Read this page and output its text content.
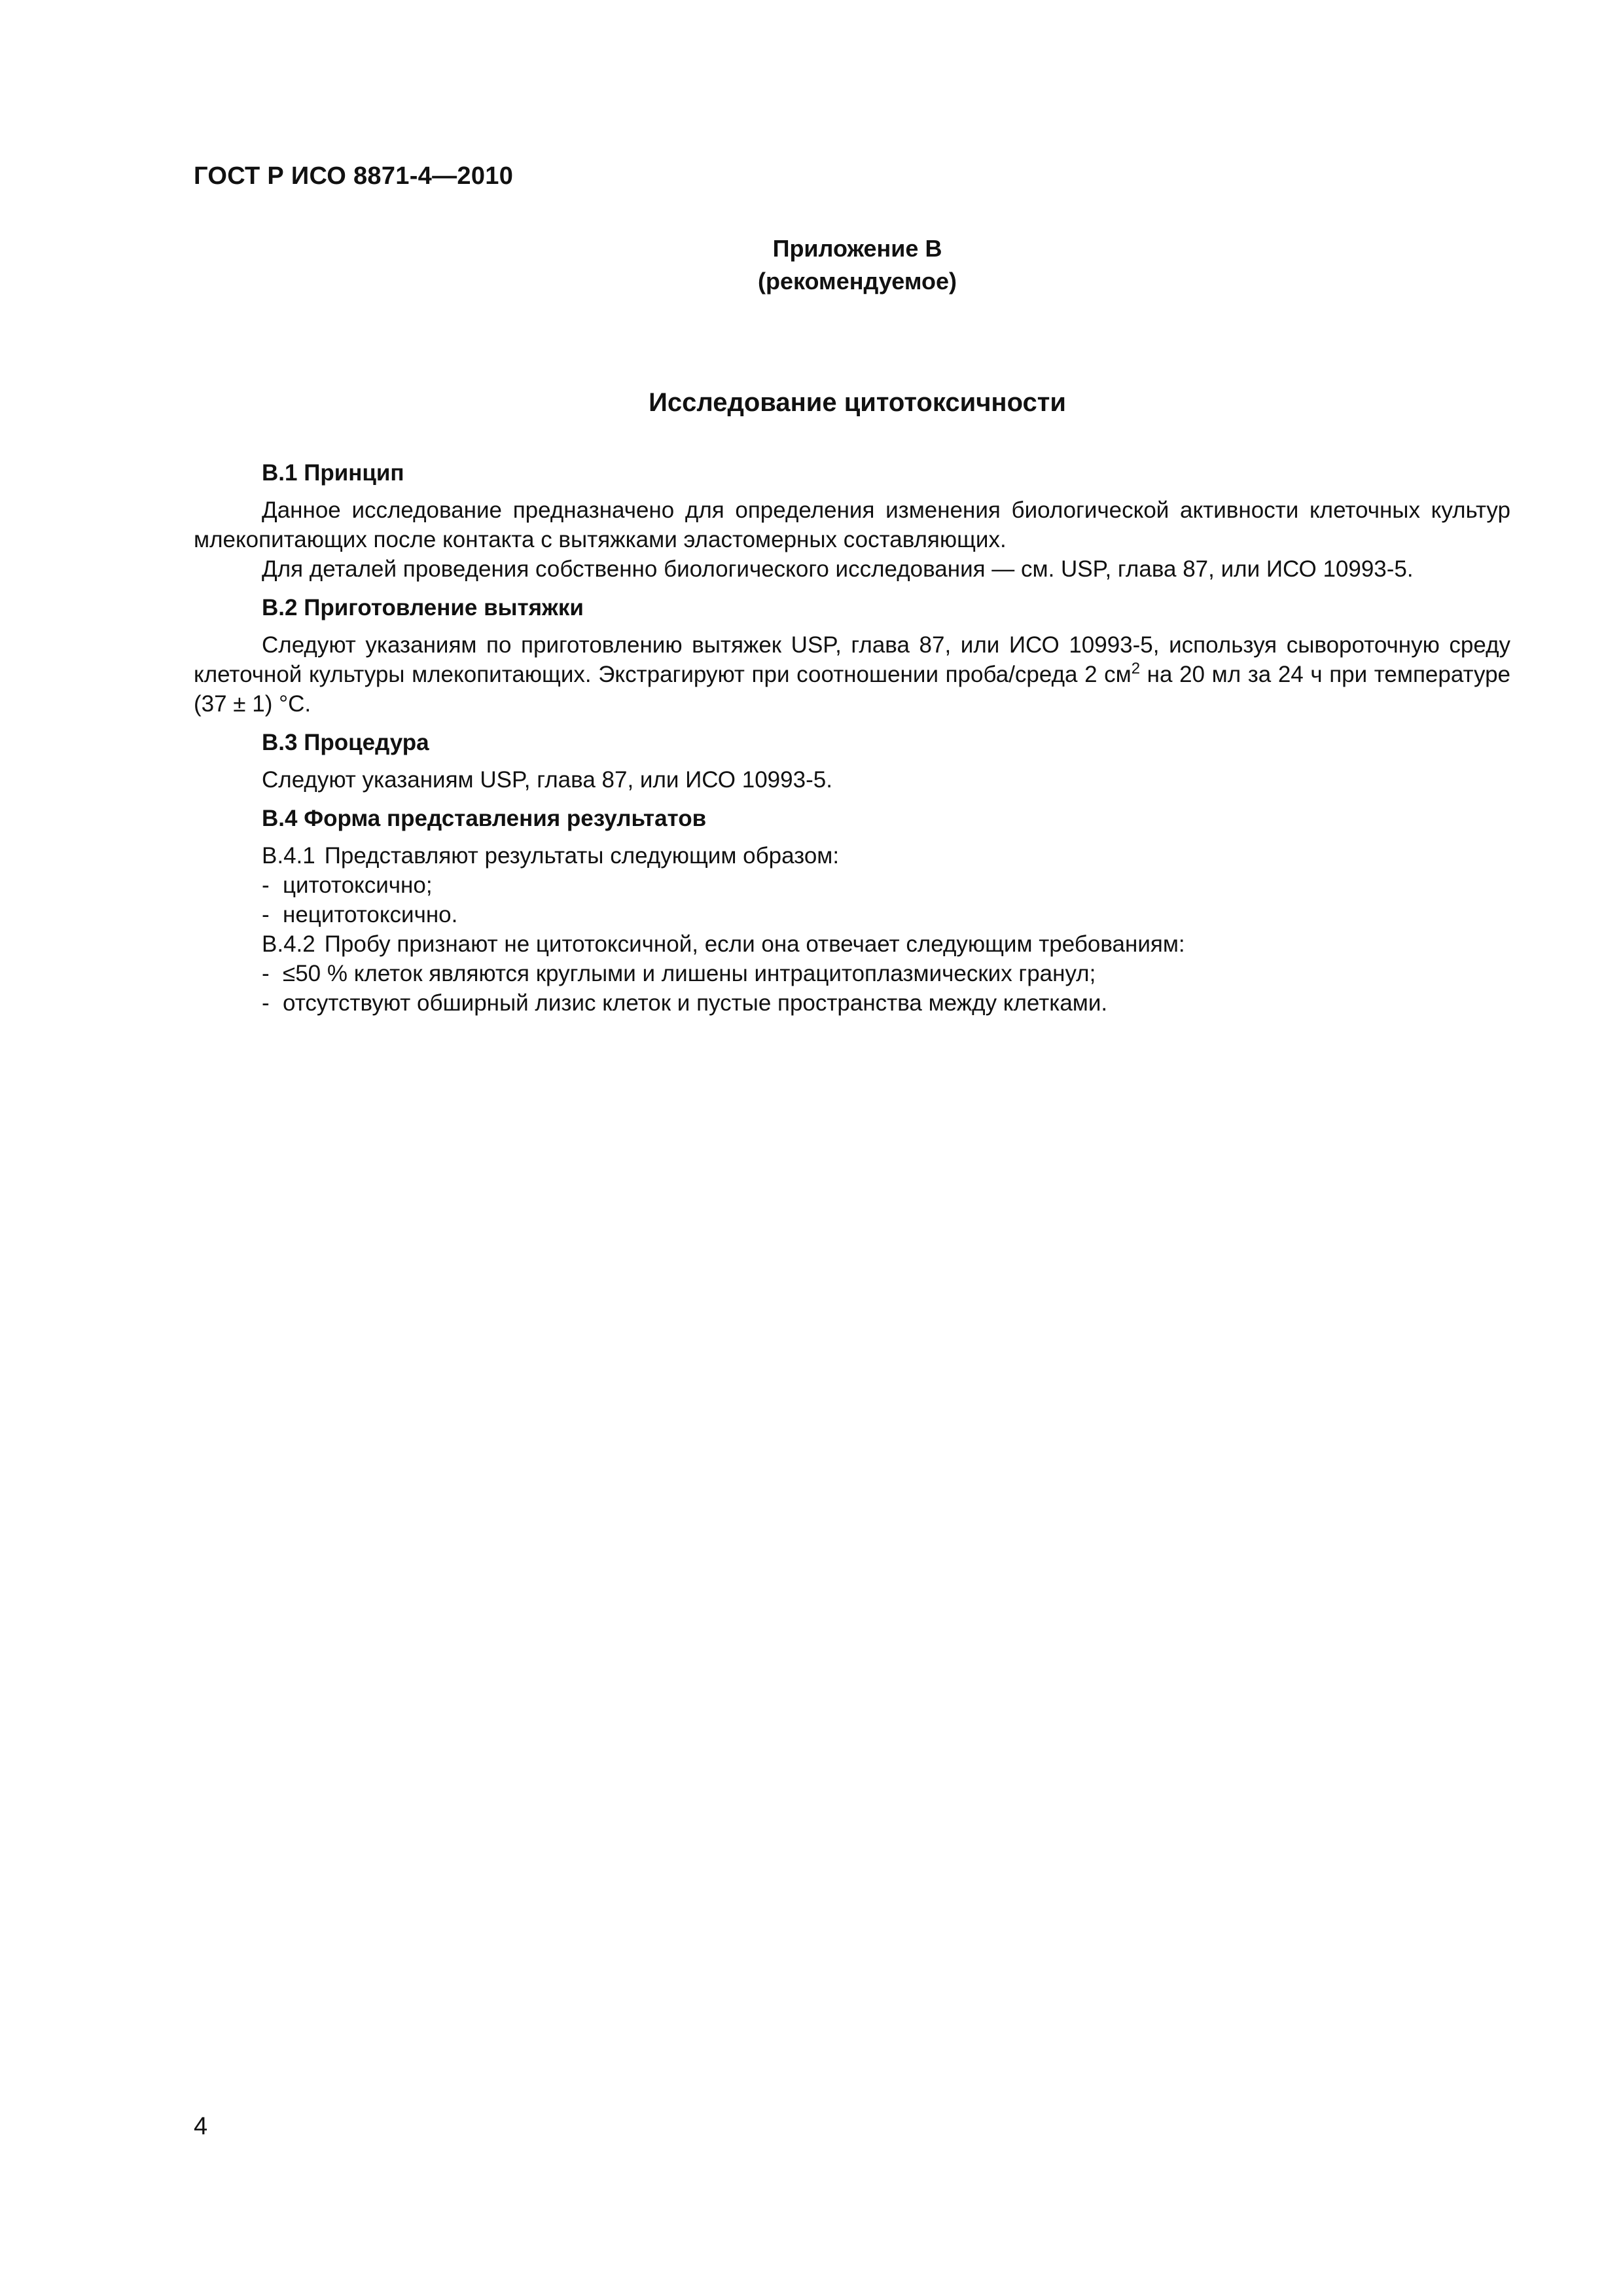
ГОСТ Р ИСО 8871-4—2010
Приложение В
(рекомендуемое)
Исследование цитотоксичности
В.1 Принцип

Данное исследование предназначено для определения изменения биологической активности клеточных культур млекопитающих после контакта с вытяжками эластомерных составляющих.

Для деталей проведения собственно биологического исследования — см. USP, глава 87, или ИСО 10993-5.

В.2 Приготовление вытяжки

Следуют указаниям по приготовлению вытяжек USP, глава 87, или ИСО 10993-5, используя сывороточную среду клеточной культуры млекопитающих. Экстрагируют при соотношении проба/среда 2 $см^2$ на 20 мл за 24 ч при температуре (37 ± 1) °С.

В.3 Процедура

Следуют указаниям USP, глава 87, или ИСО 10993-5.

В.4 Форма представления результатов

В.4.1 Представляют результаты следующим образом:

- цитотоксично;

- нецитотоксично.

В.4.2 Пробу признают не цитотоксичной, если она отвечает следующим требованиям:

- ≤50 % клеток являются круглыми и лишены интрацитоплазмических гранул;

- отсутствуют обширный лизис клеток и пустые пространства между клетками.

4
